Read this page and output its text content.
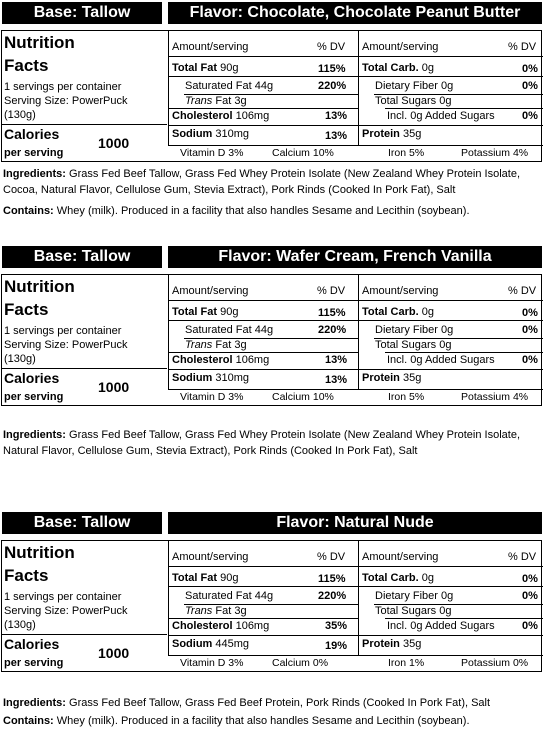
Base: Tallow	Flavor: Chocolate, Chocolate Peanut Butter
Nutrition
Facts
1 servings per container
Serving Size: PowerPuck
(130g)
Calories
per serving
1000
Amount/serving	% DV
Total Fat 90g	115%
Saturated Fat 44g	220%
Trans Fat 3g
Cholesterol 106mg	13%
Sodium 310mg	13%
Amount/serving	% DV
Total Carb. 0g	0%
Dietary Fiber 0g	0%
Total Sugars 0g
Incl. 0g Added Sugars 0%
Protein 35g
Vitamin D 3%	Calcium 10%	Iron 5%	Potassium 4%
Ingredients: Grass Fed Beef Tallow, Grass Fed Whey Protein Isolate (New Zealand Whey Protein Isolate, Cocoa, Natural Flavor, Cellulose Gum, Stevia Extract), Pork Rinds (Cooked In Pork Fat), Salt
Contains: Whey (milk). Produced in a facility that also handles Sesame and Lecithin (soybean).
Base: Tallow	Flavor: Wafer Cream, French Vanilla
Nutrition
Facts
1 servings per container
Serving Size: PowerPuck
(130g)
Calories
per serving
1000
Amount/serving	% DV
Total Fat 90g	115%
Saturated Fat 44g	220%
Trans Fat 3g
Cholesterol 106mg	13%
Sodium 310mg	13%
Amount/serving	% DV
Total Carb. 0g	0%
Dietary Fiber 0g	0%
Total Sugars 0g
Incl. 0g Added Sugars 0%
Protein 35g
Vitamin D 3%	Calcium 10%	Iron 5%	Potassium 4%
Ingredients: Grass Fed Beef Tallow, Grass Fed Whey Protein Isolate (New Zealand Whey Protein Isolate, Natural Flavor, Cellulose Gum, Stevia Extract), Pork Rinds (Cooked In Pork Fat), Salt
Contains: Whey (milk). Produced in a facility that also handles Sesame and Lecithin (soybean).
Base: Tallow	Flavor: Natural Nude
Nutrition
Facts
1 servings per container
Serving Size: PowerPuck
(130g)
Calories
per serving
1000
Amount/serving	% DV
Total Fat 90g	115%
Saturated Fat 44g	220%
Trans Fat 3g
Cholesterol 106mg	35%
Sodium 445mg	19%
Amount/serving	% DV
Total Carb. 0g	0%
Dietary Fiber 0g	0%
Total Sugars 0g
Incl. 0g Added Sugars 0%
Protein 35g
Vitamin D 3%	Calcium 0%	Iron 1%	Potassium 0%
Ingredients: Grass Fed Beef Tallow, Grass Fed Beef Protein, Pork Rinds (Cooked In Pork Fat), Salt
